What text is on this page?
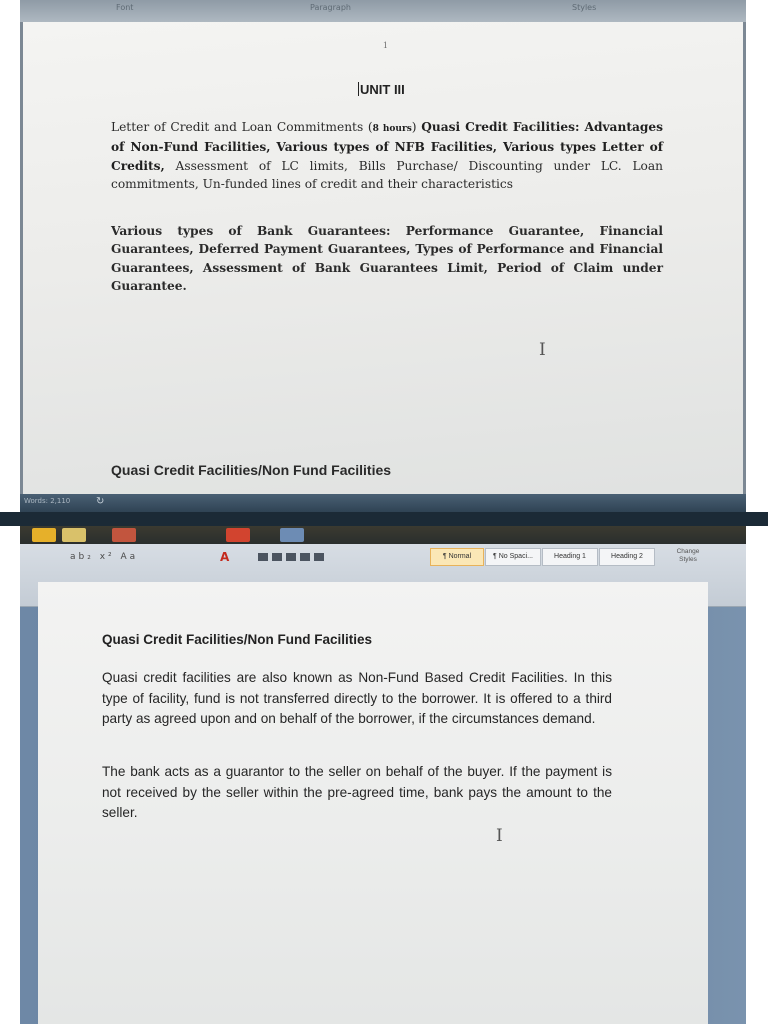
Font	Paragraph	Styles
1
UNIT III
Letter of Credit and Loan Commitments (8 hours) Quasi Credit Facilities: Advantages of Non-Fund Facilities, Various types of NFB Facilities, Various types Letter of Credits, Assessment of LC limits, Bills Purchase/ Discounting under LC. Loan commitments, Un-funded lines of credit and their characteristics
Various types of Bank Guarantees: Performance Guarantee, Financial Guarantees, Deferred Payment Guarantees, Types of Performance and Financial Guarantees, Assessment of Bank Guarantees Limit, Period of Claim under Guarantee.
I
Quasi Credit Facilities/Non Fund Facilities
Words: 2,110	↻
ab₂ x² Aa	A	¶ Normal	¶ No Spaci...	Heading 1	Heading 2
Change Styles
Quasi Credit Facilities/Non Fund Facilities
Quasi credit facilities are also known as Non-Fund Based Credit Facilities. In this type of facility, fund is not transferred directly to the borrower. It is offered to a third party as agreed upon and on behalf of the borrower, if the circumstances demand.
The bank acts as a guarantor to the seller on behalf of the buyer. If the payment is not received by the seller within the pre-agreed time, bank pays the amount to the seller.
I
